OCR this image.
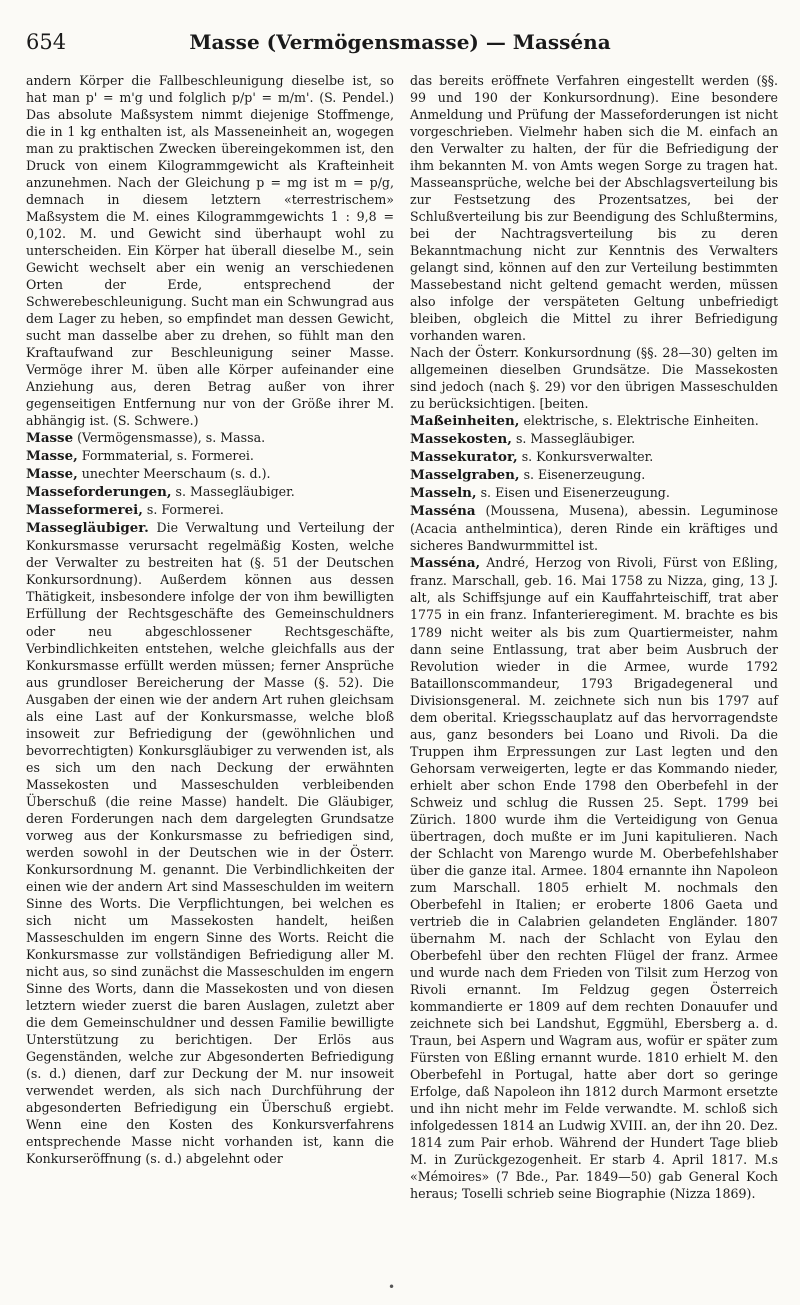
654	Masse (Vermögensmasse) — Masséna

andern Körper die Fallbeschleunigung dieselbe ist, so hat man p' = m'g und folglich p/p' = m/m'. (S. Pendel.) Das absolute Maßsystem nimmt diejenige Stoffmenge, die in 1 kg enthalten ist, als Masseneinheit an, wogegen man zu praktischen Zwecken übereingekommen ist, den Druck von einem Kilogrammgewicht als Krafteinheit anzunehmen. Nach der Gleichung p = mg ist m = p/g, demnach in diesem letztern «terrestrischem» Maßsystem die M. eines Kilogrammgewichts 1 : 9,8 = 0,102. M. und Gewicht sind überhaupt wohl zu unterscheiden. Ein Körper hat überall dieselbe M., sein Gewicht wechselt aber ein wenig an verschiedenen Orten der Erde, entsprechend der Schwerebeschleunigung. Sucht man ein Schwungrad aus dem Lager zu heben, so empfindet man dessen Gewicht, sucht man dasselbe aber zu drehen, so fühlt man den Kraftaufwand zur Beschleunigung seiner Masse. Vermöge ihrer M. üben alle Körper aufeinander eine Anziehung aus, deren Betrag außer von ihrer gegenseitigen Entfernung nur von der Größe ihrer M. abhängig ist. (S. Schwere.)

Masse (Vermögensmasse), s. Massa.

Masse, Formmaterial, s. Formerei.

Masse, unechter Meerschaum (s. d.).

Masseforderungen, s. Massegläubiger.

Masseformerei, s. Formerei.

Massegläubiger. Die Verwaltung und Verteilung der Konkursmasse verursacht regelmäßig Kosten, welche der Verwalter zu bestreiten hat (§. 51 der Deutschen Konkursordnung). Außerdem können aus dessen Thätigkeit, insbesondere infolge der von ihm bewilligten Erfüllung der Rechtsgeschäfte des Gemeinschuldners oder neu abgeschlossener Rechtsgeschäfte, Verbindlichkeiten entstehen, welche gleichfalls aus der Konkursmasse erfüllt werden müssen; ferner Ansprüche aus grundloser Bereicherung der Masse (§. 52). Die Ausgaben der einen wie der andern Art ruhen gleichsam als eine Last auf der Konkursmasse, welche bloß insoweit zur Befriedigung der (gewöhnlichen und bevorrechtigten) Konkursgläubiger zu verwenden ist, als es sich um den nach Deckung der erwähnten Massekosten und Masseschulden verbleibenden Überschuß (die reine Masse) handelt. Die Gläubiger, deren Forderungen nach dem dargelegten Grundsatze vorweg aus der Konkursmasse zu befriedigen sind, werden sowohl in der Deutschen wie in der Österr. Konkursordnung M. genannt. Die Verbindlichkeiten der einen wie der andern Art sind Masseschulden im weitern Sinne des Worts. Die Verpflichtungen, bei welchen es sich nicht um Massekosten handelt, heißen Masseschulden im engern Sinne des Worts. Reicht die Konkursmasse zur vollständigen Befriedigung aller M. nicht aus, so sind zunächst die Masseschulden im engern Sinne des Worts, dann die Massekosten und von diesen letztern wieder zuerst die baren Auslagen, zuletzt aber die dem Gemeinschuldner und dessen Familie bewilligte Unterstützung zu berichtigen. Der Erlös aus Gegenständen, welche zur Abgesonderten Befriedigung (s. d.) dienen, darf zur Deckung der M. nur insoweit verwendet werden, als sich nach Durchführung der abgesonderten Befriedigung ein Überschuß ergiebt. Wenn eine den Kosten des Konkursverfahrens entsprechende Masse nicht vorhanden ist, kann die Konkurseröffnung (s. d.) abgelehnt oder

das bereits eröffnete Verfahren eingestellt werden (§§. 99 und 190 der Konkursordnung). Eine besondere Anmeldung und Prüfung der Masseforderungen ist nicht vorgeschrieben. Vielmehr haben sich die M. einfach an den Verwalter zu halten, der für die Befriedigung der ihm bekannten M. von Amts wegen Sorge zu tragen hat. Masseansprüche, welche bei der Abschlagsverteilung bis zur Festsetzung des Prozentsatzes, bei der Schlußverteilung bis zur Beendigung des Schlußtermins, bei der Nachtragsverteilung bis zu deren Bekanntmachung nicht zur Kenntnis des Verwalters gelangt sind, können auf den zur Verteilung bestimmten Massebestand nicht geltend gemacht werden, müssen also infolge der verspäteten Geltung unbefriedigt bleiben, obgleich die Mittel zu ihrer Befriedigung vorhanden waren.

Nach der Österr. Konkursordnung (§§. 28—30) gelten im allgemeinen dieselben Grundsätze. Die Massekosten sind jedoch (nach §. 29) vor den übrigen Masseschulden zu berücksichtigen. [beiten.

Maßeinheiten, elektrische, s. Elektrische Einheiten.

Massekosten, s. Massegläubiger.

Massekurator, s. Konkursverwalter.

Masselgraben, s. Eisenerzeugung.

Masseln, s. Eisen und Eisenerzeugung.

Masséna (Moussena, Musena), abessin. Leguminose (Acacia anthelmintica), deren Rinde ein kräftiges und sicheres Bandwurmmittel ist.

Masséna, André, Herzog von Rivoli, Fürst von Eßling, franz. Marschall, geb. 16. Mai 1758 zu Nizza, ging, 13 J. alt, als Schiffsjunge auf ein Kauffahrteischiff, trat aber 1775 in ein franz. Infanterieregiment. M. brachte es bis 1789 nicht weiter als bis zum Quartiermeister, nahm dann seine Entlassung, trat aber beim Ausbruch der Revolution wieder in die Armee, wurde 1792 Bataillonscommandeur, 1793 Brigadegeneral und Divisionsgeneral. M. zeichnete sich nun bis 1797 auf dem oberital. Kriegsschauplatz auf das hervorragendste aus, ganz besonders bei Loano und Rivoli. Da die Truppen ihm Erpressungen zur Last legten und den Gehorsam verweigerten, legte er das Kommando nieder, erhielt aber schon Ende 1798 den Oberbefehl in der Schweiz und schlug die Russen 25. Sept. 1799 bei Zürich. 1800 wurde ihm die Verteidigung von Genua übertragen, doch mußte er im Juni kapitulieren. Nach der Schlacht von Marengo wurde M. Oberbefehlshaber über die ganze ital. Armee. 1804 ernannte ihn Napoleon zum Marschall. 1805 erhielt M. nochmals den Oberbefehl in Italien; er eroberte 1806 Gaeta und vertrieb die in Calabrien gelandeten Engländer. 1807 übernahm M. nach der Schlacht von Eylau den Oberbefehl über den rechten Flügel der franz. Armee und wurde nach dem Frieden von Tilsit zum Herzog von Rivoli ernannt. Im Feldzug gegen Österreich kommandierte er 1809 auf dem rechten Donauufer und zeichnete sich bei Landshut, Eggmühl, Ebersberg a. d. Traun, bei Aspern und Wagram aus, wofür er später zum Fürsten von Eßling ernannt wurde. 1810 erhielt M. den Oberbefehl in Portugal, hatte aber dort so geringe Erfolge, daß Napoleon ihn 1812 durch Marmont ersetzte und ihn nicht mehr im Felde verwandte. M. schloß sich infolgedessen 1814 an Ludwig XVIII. an, der ihn 20. Dez. 1814 zum Pair erhob. Während der Hundert Tage blieb M. in Zurückgezogenheit. Er starb 4. April 1817. M.s «Mémoires» (7 Bde., Par. 1849—50) gab General Koch heraus; Toselli schrieb seine Biographie (Nizza 1869).

•
